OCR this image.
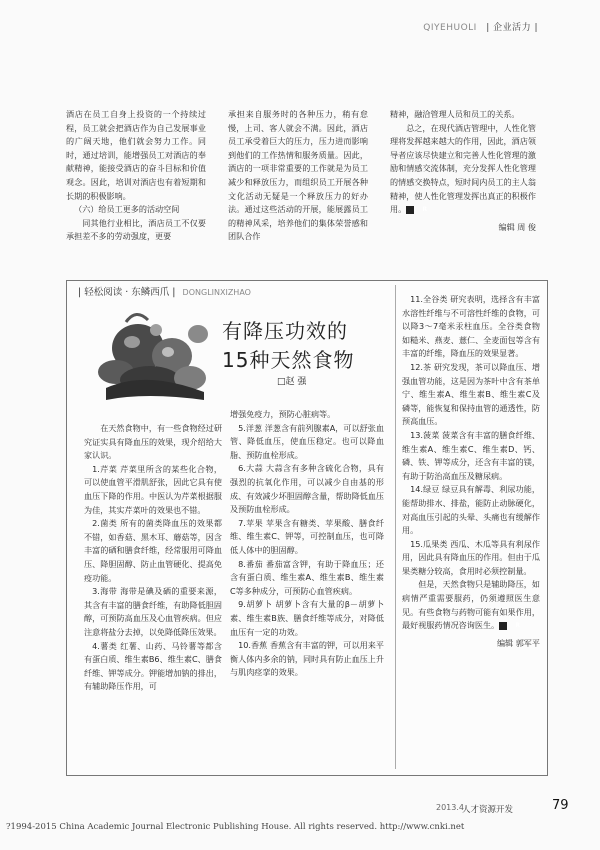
QIYEHUOLI | 企业活力 |

酒店在员工自身上投资的一个持续过程，员工就会把酒店作为自己发展事业的广阔天地，他们就会努力工作。同时，通过培训，能增强员工对酒店的奉献精神，能接受酒店的奋斗目标和价值观念。因此，培训对酒店也有着短期和长期的积极影响。

（六）给员工更多的活动空间

同其他行业相比，酒店员工不仅要承担差不多的劳动强度，更要

承担来自服务时的各种压力，稍有怠慢，上司、客人就会不满。因此，酒店员工承受着巨大的压力，压力进而影响到他们的工作热情和服务质量。因此，酒店的一项非常重要的工作就是为员工减少和释放压力，而组织员工开展各种文化活动无疑是一个释放压力的好办法。通过这些活动的开展，能展露员工的精神风采，培养他们的集体荣誉感和团队合作

精神，融洽管理人员和员工的关系。

总之，在现代酒店管理中，人性化管理将发挥越来越大的作用，因此，酒店领导者应该尽快建立和完善人性化管理的激励和情感交流体制，充分发挥人性化管理的情感交换特点，短时间内员工的主人翁精神，使人性化管理发挥出真正的积极作用。	R

编辑 周 俊

| 轻松阅读 · 东鳞西爪 | DONGLINXIZHAO
有降压功效的
15种天然食物
□赵 强

在天然食物中，有一些食物经过研究证实具有降血压的效果，现介绍给大家认识。

1.芹菜 芹菜里所含的某些化合物，可以使血管平滑肌舒张，因此它具有使血压下降的作用。中医认为芹菜根据服为佳，其实芹菜叶的效果也不错。

2.菌类 所有的菌类降血压的效果都不错，如香菇、黑木耳、蘑菇等，因含丰富的硒和膳食纤维，经常服用可降血压、降胆固醇、防止血管硬化、提高免疫功能。

3.海带 海带是碘及硒的重要来源，其含有丰富的膳食纤维，有助降低胆固醇，可预防高血压及心血管疾病。但应注意将盐分去掉，以免降低降压效果。

4.薯类 红薯、山药、马铃薯等都含有蛋白质、维生素B6、维生素C、膳食纤维、钾等成分。钾能增加钠的排出，有辅助降压作用，可

增强免疫力，预防心脏病等。

5.洋葱 洋葱含有前列腺素A，可以舒张血管、降低血压，使血压稳定。也可以降血脂、预防血栓形成。

6.大蒜 大蒜含有多种含硫化合物，具有强烈的抗氧化作用，可以减少自由基的形成、有效减少坏胆固醇含量，帮助降低血压及预防血栓形成。

7.苹果 苹果含有糖类、苹果酸、膳食纤维、维生素C、钾等，可控制血压，也可降低人体中的胆固醇。

8.番茄 番茄富含钾，有助于降血压；还含有蛋白质、维生素A、维生素B、维生素C等多种成分，可预防心血管疾病。

9.胡萝卜 胡萝卜含有大量的β－胡萝卜素、维生素B族、膳食纤维等成分，对降低血压有一定的功效。

10.香蕉 香蕉含有丰富的钾，可以用来平衡人体内多余的钠，同时具有防止血压上升与肌肉痉挛的效果。

11.全谷类 研究表明，选择含有丰富水溶性纤维与不可溶性纤维的食物，可以降3～7毫米汞柱血压。全谷类食物如糙米、燕麦、薏仁、全麦面包等含有丰富的纤维，降血压的效果显著。

12.茶 研究发现，茶可以降血压、增强血管功能，这是因为茶叶中含有茶单宁、维生素A、维生素B、维生素C及磷等，能恢复和保持血管的通透性，防预高血压。

13.菠菜 菠菜含有丰富的膳食纤维、维生素A、维生素C、维生素D、钙、磷、铁、钾等成分，还含有丰富的镁，有助于防治高血压及糖尿病。

14.绿豆 绿豆具有解毒、利尿功能，能帮助排水、排盐，能防止动脉硬化，对高血压引起的头晕、头痛也有缓解作用。

15.瓜果类 西瓜、木瓜等具有利尿作用，因此具有降血压的作用。但由于瓜果类糖分较高，食用时必须控制量。

但是，天然食物只是辅助降压，如病情严重需要服药，仍须遵照医生意见。有些食物与药物可能有如果作用，最好视服药情况咨询医生。	R

编辑 郭军平

2013.4
人才资源开发	79
?1994-2015 China Academic Journal Electronic Publishing House. All rights reserved. http://www.cnki.net
